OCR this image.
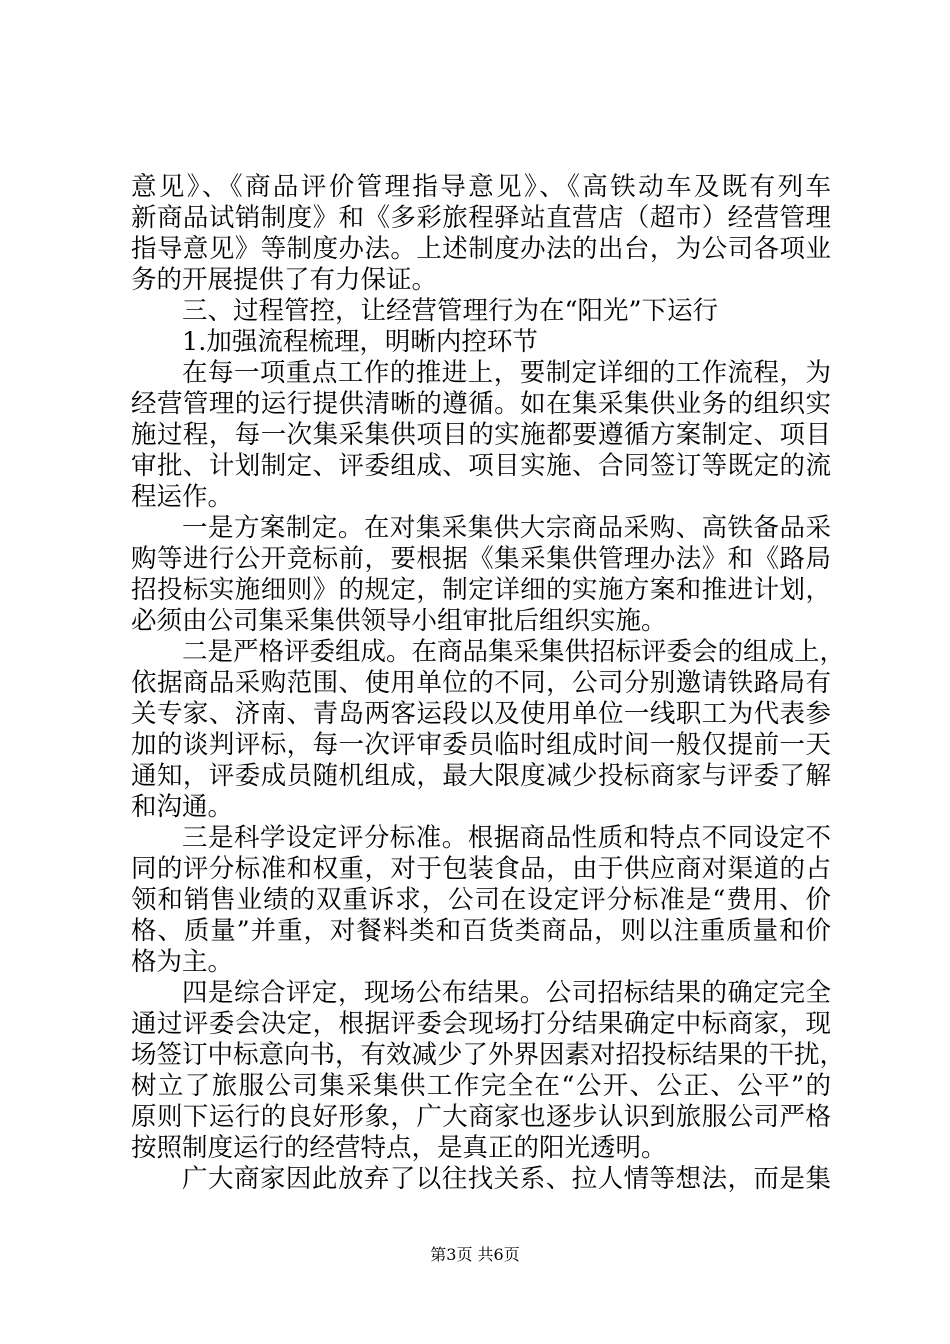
意见》、《商品评价管理指导意见》、《高铁动车及既有列车
新商品试销制度》和《多彩旅程驿站直营店（超市）经营管理
指导意见》等制度办法。上述制度办法的出台，为公司各项业
务的开展提供了有力保证。
三、过程管控，让经营管理行为在“阳光”下运行
1.加强流程梳理，明晰内控环节
在每一项重点工作的推进上，要制定详细的工作流程，为
经营管理的运行提供清晰的遵循。如在集采集供业务的组织实
施过程，每一次集采集供项目的实施都要遵循方案制定、项目
审批、计划制定、评委组成、项目实施、合同签订等既定的流
程运作。
一是方案制定。在对集采集供大宗商品采购、高铁备品采
购等进行公开竞标前，要根据《集采集供管理办法》和《路局
招投标实施细则》的规定，制定详细的实施方案和推进计划，
必须由公司集采集供领导小组审批后组织实施。
二是严格评委组成。在商品集采集供招标评委会的组成上，
依据商品采购范围、使用单位的不同，公司分别邀请铁路局有
关专家、济南、青岛两客运段以及使用单位一线职工为代表参
加的谈判评标，每一次评审委员临时组成时间一般仅提前一天
通知，评委成员随机组成，最大限度减少投标商家与评委了解
和沟通。
三是科学设定评分标准。根据商品性质和特点不同设定不
同的评分标准和权重，对于包装食品，由于供应商对渠道的占
领和销售业绩的双重诉求，公司在设定评分标准是“费用、价
格、质量”并重，对餐料类和百货类商品，则以注重质量和价
格为主。
四是综合评定，现场公布结果。公司招标结果的确定完全
通过评委会决定，根据评委会现场打分结果确定中标商家，现
场签订中标意向书，有效减少了外界因素对招投标结果的干扰，
树立了旅服公司集采集供工作完全在“公开、公正、公平”的
原则下运行的良好形象，广大商家也逐步认识到旅服公司严格
按照制度运行的经营特点，是真正的阳光透明。
广大商家因此放弃了以往找关系、拉人情等想法，而是集
第3页 共6页
